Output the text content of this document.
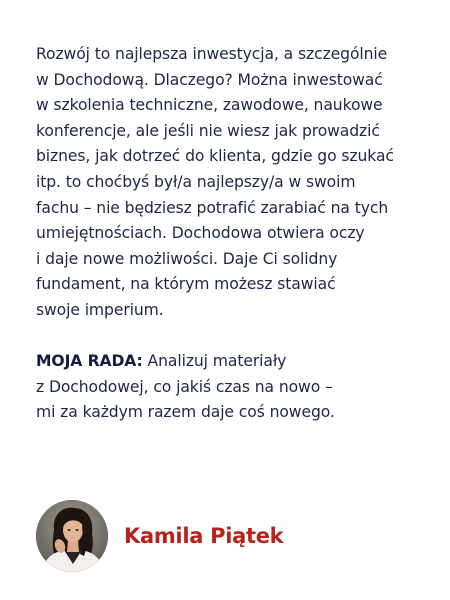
Rozwój to najlepsza inwestycja, a szczególnie
w Dochodową. Dlaczego? Można inwestować
w szkolenia techniczne, zawodowe, naukowe
konferencje, ale jeśli nie wiesz jak prowadzić
biznes, jak dotrzeć do klienta, gdzie go szukać
itp. to choćbyś był/a najlepszy/a w swoim
fachu – nie będziesz potrafić zarabiać na tych
umiejętnościach. Dochodowa otwiera oczy
i daje nowe możliwości. Daje Ci solidny
fundament, na którym możesz stawiać
swoje imperium.
MOJA RADA: Analizuj materiały
z Dochodowej, co jakiś czas na nowo –
mi za każdym razem daje coś nowego.
Kamila Piątek
